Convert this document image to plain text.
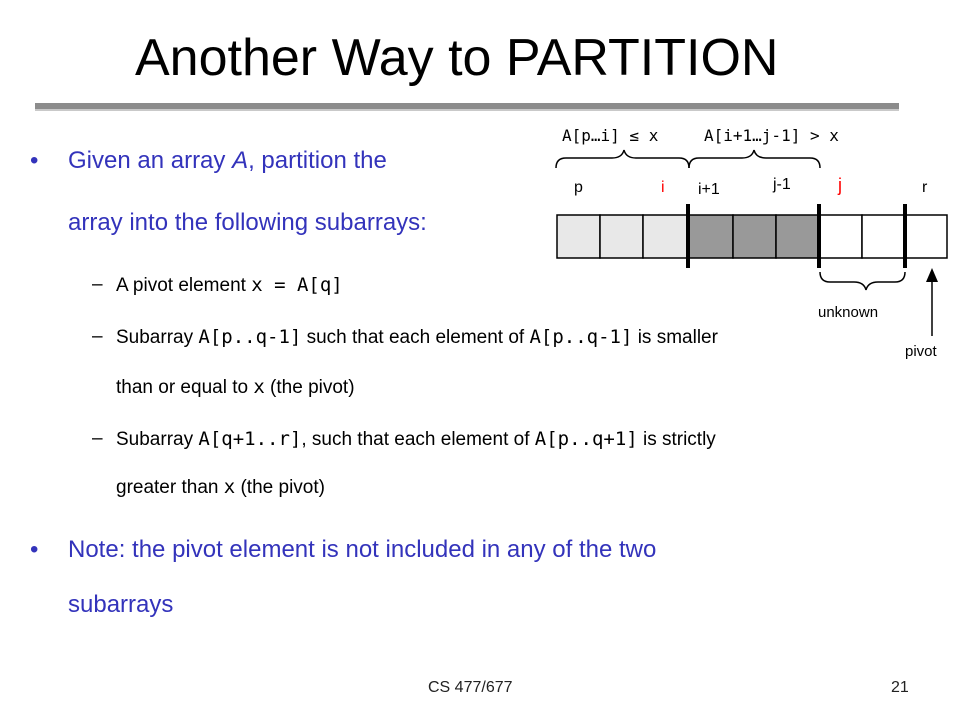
Another Way to PARTITION
• Given an array A, partition the
array into the following subarrays:
– A pivot element x = A[q]
– Subarray A[p..q-1] such that each element of A[p..q-1] is smaller
than or equal to x (the pivot)
– Subarray A[q+1..r], such that each element of A[p..q+1] is strictly
greater than x (the pivot)
• Note: the pivot element is not included in any of the two
subarrays
A[p…i] ≤ x	A[i+1…j-1] > x
p	i i+1	j-1	j	r
unknown
pivot
CS 477/677	21
